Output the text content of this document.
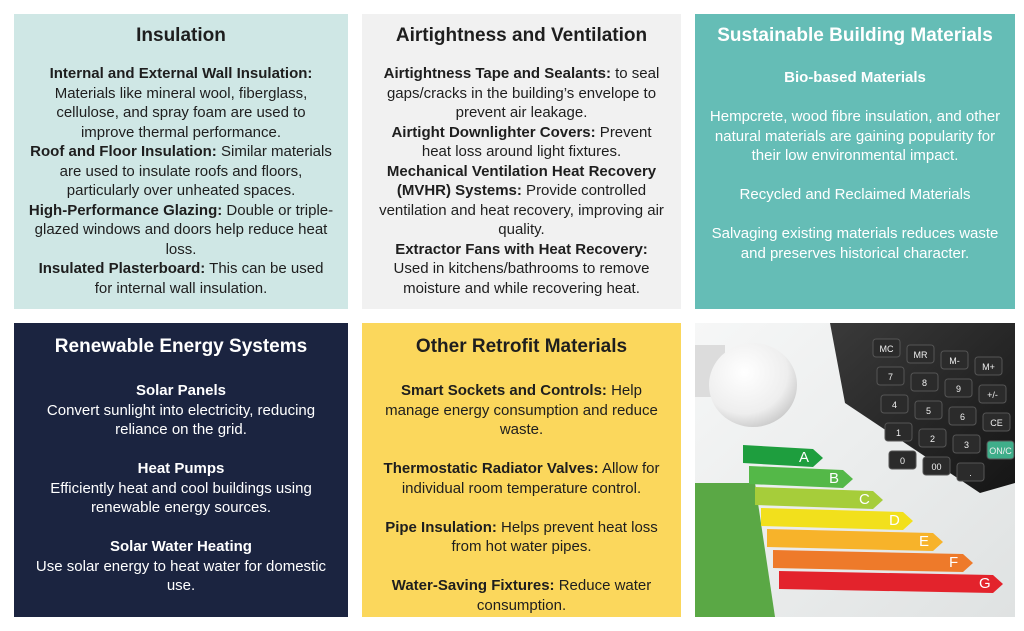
Insulation

Internal and External Wall Insulation: Materials like mineral wool, fiberglass, cellulose, and spray foam are used to improve thermal performance.

Roof and Floor Insulation: Similar materials are used to insulate roofs and floors, particularly over unheated spaces.

High-Performance Glazing: Double or triple-glazed windows and doors help reduce heat loss.

Insulated Plasterboard: This can be used for internal wall insulation.

Airtightness and Ventilation

Airtightness Tape and Sealants: to seal gaps/cracks in the building’s envelope to prevent air leakage.

Airtight Downlighter Covers: Prevent heat loss around light fixtures.

Mechanical Ventilation Heat Recovery (MVHR) Systems: Provide controlled ventilation and heat recovery, improving air quality.

Extractor Fans with Heat Recovery: Used in kitchens/bathrooms to remove moisture and while recovering heat.

Sustainable Building Materials

Bio-based Materials

Hempcrete, wood fibre insulation, and other natural materials are gaining popularity for their low environmental impact.

Recycled and Reclaimed Materials

Salvaging existing materials reduces waste and preserves historical character.

Renewable Energy Systems

Solar Panels

Convert sunlight into electricity, reducing reliance on the grid.

Heat Pumps

Efficiently heat and cool buildings using renewable energy sources.

Solar Water Heating

Use solar energy to heat water for domestic use.

Other Retrofit Materials

Smart Sockets and Controls: Help manage energy consumption and reduce waste.

Thermostatic Radiator Valves: Allow for individual room temperature control.

Pipe Insulation: Helps prevent heat loss from hot water pipes.

Water-Saving Fixtures: Reduce water consumption.

A
B
C
D
E
F
G
MC
MR
M-
M+
7
8
9
+/-
4
5
6
CE
1
2
3
ON/C
0
00
.
